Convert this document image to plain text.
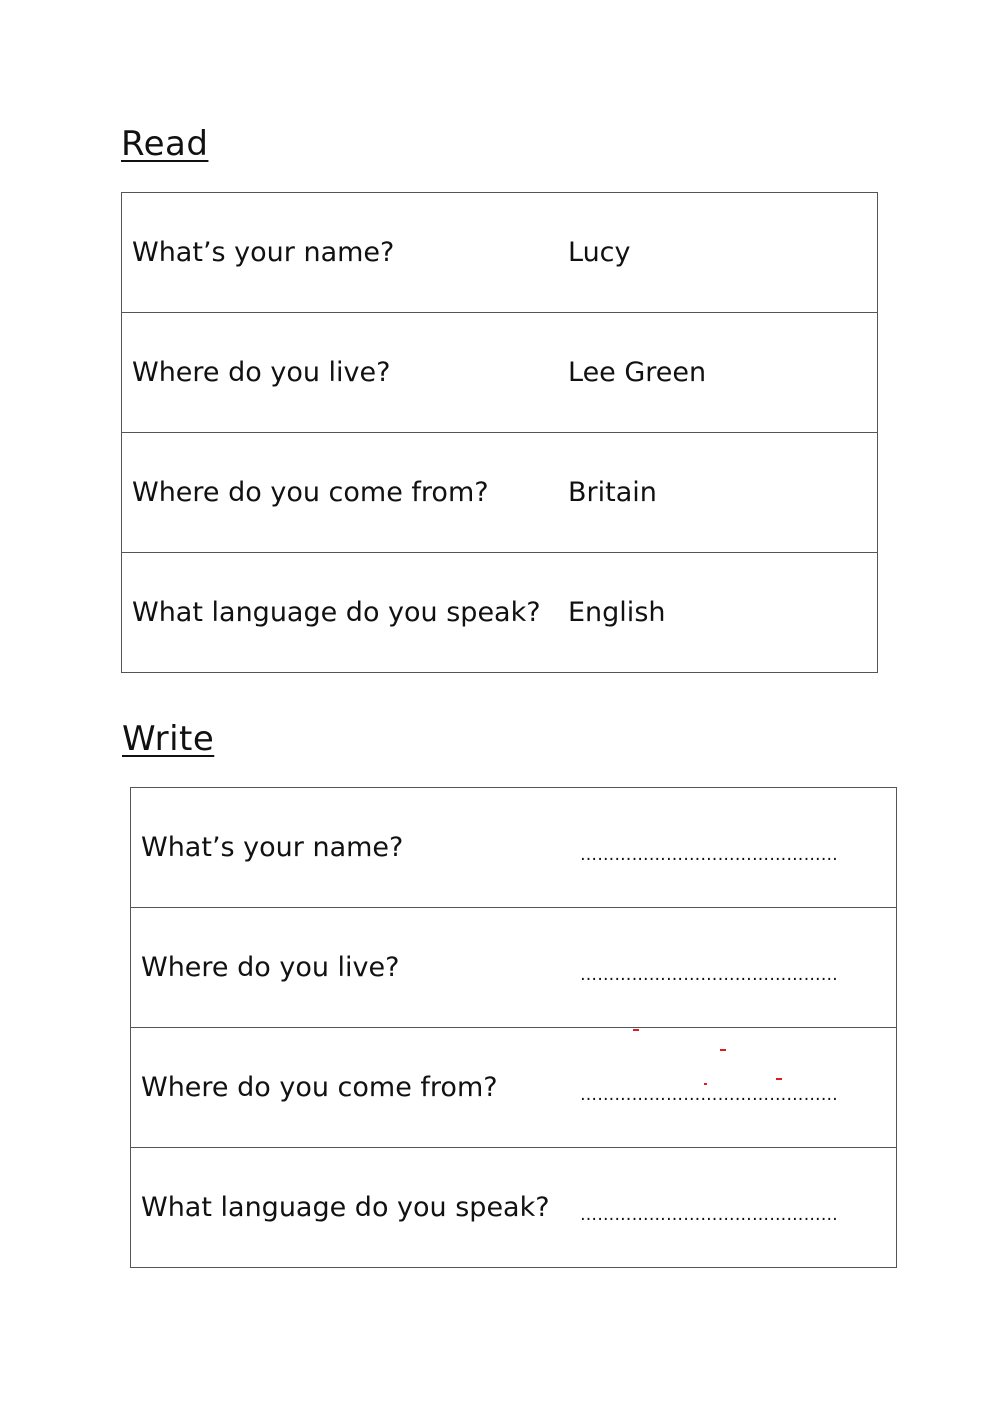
Read
What’s your name?	Lucy
Where do you live?	Lee Green
Where do you come from?	Britain
What language do you speak?	English
Write
What’s your name?	………………………………………
Where do you live?	………………………………………
Where do you come from?	………………………………………
What language do you speak?	………………………………………
